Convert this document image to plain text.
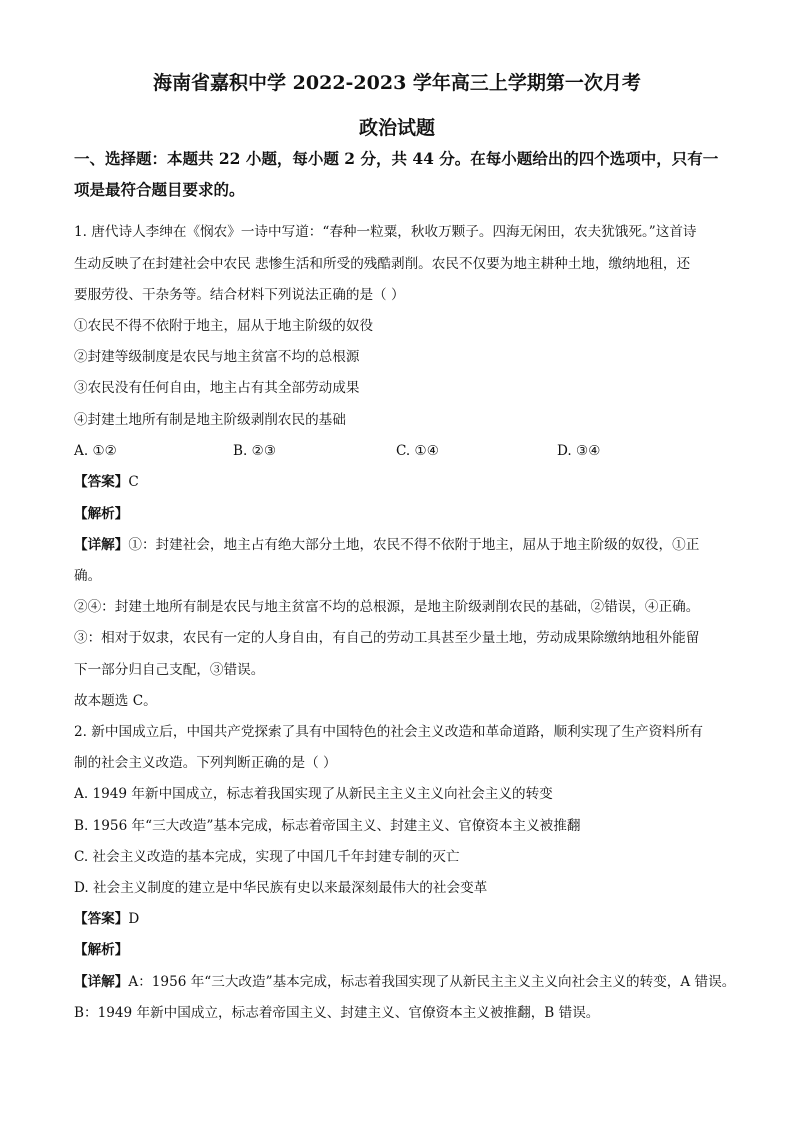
海南省嘉积中学 2022-2023 学年高三上学期第一次月考
政治试题
一、选择题：本题共 22 小题，每小题 2 分，共 44 分。在每小题给出的四个选项中，只有一
项是最符合题目要求的。
1. 唐代诗人李绅在《悯农》一诗中写道：“春种一粒粟，秋收万颗子。四海无闲田，农夫犹饿死。”这首诗
生动反映了在封建社会中农民 悲惨生活和所受的残酷剥削。农民不仅要为地主耕种土地，缴纳地租，还
要服劳役、干杂务等。结合材料下列说法正确的是（ ）
①农民不得不依附于地主，屈从于地主阶级的奴役
②封建等级制度是农民与地主贫富不均的总根源
③农民没有任何自由，地主占有其全部劳动成果
④封建土地所有制是地主阶级剥削农民的基础
A. ①②	B. ②③	C. ①④	D. ③④
【答案】C
【解析】
【详解】①：封建社会，地主占有绝大部分土地，农民不得不依附于地主，屈从于地主阶级的奴役，①正
确。
②④：封建土地所有制是农民与地主贫富不均的总根源，是地主阶级剥削农民的基础，②错误，④正确。
③：相对于奴隶，农民有一定的人身自由，有自己的劳动工具甚至少量土地，劳动成果除缴纳地租外能留
下一部分归自己支配，③错误。
故本题选 C。
2. 新中国成立后，中国共产党探索了具有中国特色的社会主义改造和革命道路，顺利实现了生产资料所有
制的社会主义改造。下列判断正确的是（ ）
A. 1949 年新中国成立，标志着我国实现了从新民主主义主义向社会主义的转变
B. 1956 年“三大改造”基本完成，标志着帝国主义、封建主义、官僚资本主义被推翻
C. 社会主义改造的基本完成，实现了中国几千年封建专制的灭亡
D. 社会主义制度的建立是中华民族有史以来最深刻最伟大的社会变革
【答案】D
【解析】
【详解】A：1956 年“三大改造”基本完成，标志着我国实现了从新民主主义主义向社会主义的转变，A 错误。
B：1949 年新中国成立，标志着帝国主义、封建主义、官僚资本主义被推翻，B 错误。
